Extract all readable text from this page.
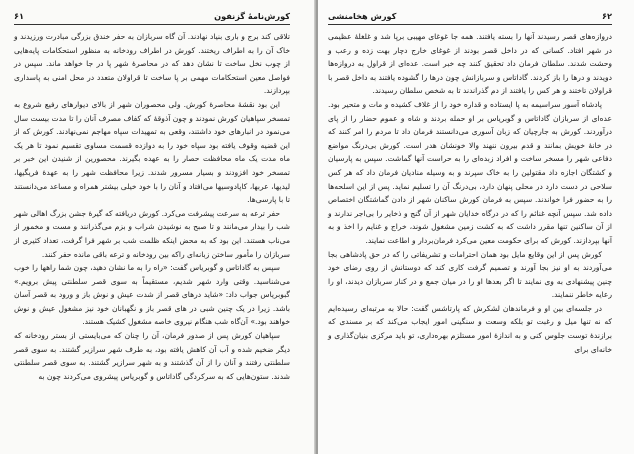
کورش‌نامهٔ گزنفون
۶۱

تلاقی کند برج و باری بنیاد نهادند. آن گاه سربازان به حفر خندق بزرگی مبادرت ورزیدند و خاک آن را به اطراف ریختند. کورش در اطراف رودخانه به منظور استحکامات پایه‌هایی از چوب نخل ساخت تا نشان دهد که در محاصرهٔ شهر پا در جا خواهد ماند. سپس در فواصل معین استحکامات مهمی بر پا ساخت تا قراولان متعدد در محل امنی به پاسداری بپردازند.

این بود نقشهٔ محاصرهٔ کورش. ولی محصوران شهر از بالای دیوارهای رفیع شروع به تمسخر سپاهیان کورش نمودند و چون آذوقهٔ که کفاف مصرف آنان را تا مدت بیست سال می‌نمود در انبارهای خود داشتند، وقعی به تمهیدات سپاه مهاجم نمی‌نهادند. کورش که از این قضیه وقوف یافته بود سپاه خود را به دوازده قسمت مساوی تقسیم نمود تا هر یک ماه مدت یک ماه محافظت حصار را به عهده بگیرند. محصورین از شنیدن این خبر بر تمسخر خود افزودند و بسیار مسرور شدند. زیرا محافظت شهر را به عهدهٔ فریگیها، لیدیها، عربها، کاپادوسیها می‌افتاد و آنان را با خود خیلی بیشتر همراه و مساعد می‌دانستند تا با پارسی‌ها.

حفر ترعه به سرعت پیشرفت می‌کرد. کورش دریافته که گیرهٔ جشن بزرگ اهالی شهر شب را بیدار می‌مانند و تا صبح به نوشیدن شراب و بزم می‌گذرانند و مست و مخمور از می‌ناب هستند. این بود که به محض اینکه ظلمت شب بر شهر فرا گرفت، تعداد کثیری از سربازان را مأمور ساختن زبانه‌ای راکه بین رودخانه و ترعه باقی مانده حفر کنند.

سپس به گاداتاس و گوبریاس گفت: «راه را به ما نشان دهید، چون شما راهها را خوب می‌شناسید. وقتی وارد شهر شدیم، مستقیماً به سوی قصر سلطنتی پیش برویم.» گبوبریاس جواب داد: «شاید درهای قصر از شدت عیش و نوش باز و ورود به قصر آسان باشد. زیرا در یک چنین شبی در های قصر باز و نگهبانان خود نیز مشغول عیش و نوش خواهند بود.» آن‌گاه شب هنگام نیروی خاصه مشغول کشیک هستند.

سپاهیان کورش پس از صدور فرمان، آن را چنان که می‌بایستی از بستر رودخانه که دیگر ضخیم شده و آب آن کاهش یافته بود، به طرف شهر سرازیر گشتند. به سوی قصر سلطنتی رفتند و آنان را از آن گذشتند و به شهر سرازیر گشتند. به سوی قصر سلطنتی شدند. ستون‌هایی که به سرکردگی گاداتاس و گوبریاس پیشروی می‌کردند چون به

۶۲
کورش هخامنشی

دروازه‌های قصر رسیدند آنها را بسته یافتند. همه جا غوغای مهیبی برپا شد و غلغلهٔ عظیمی در شهر افتاد. کسانی که در داخل قصر بودند از غوغای خارج دچار بهت زده و رعب و وحشت شدند. سلطان فرمان داد تحقیق کنند چه خبر است. عده‌ای از قراول به دروازه‌ها دویدند و درها را باز کردند. گاداتاس و سربازانش چون درها را گشوده یافتند به داخل قصر با قراولان تاختند و هر کس را یافتند از دم گذراندند تا به شخص سلطان رسیدند.

پادشاه آسور سراسیمه به پا ایستاده و قداره خود را از غلاف کشیده و مات و متحیر بود. عده‌ای از سربازان گاداتاس و گوبریاس بر او حمله بردند و شاه و عموم حضار را از پای درآوردند. کورش به جارچیان که زبان آسوری می‌دانستند فرمان داد تا مردم را امر کنند که در خانهٔ خویش بمانند و قدم بیرون ننهند والا خونشان هدر است. کورش بی‌درنگ مواضع دفاعی شهر را مسخر ساخت و افراد زبده‌ای را به حراست آنها گماشت. سپس به پارسیان و کشتگان اجازه داد مقتولین را به خاک سپرند و به وسیله منادیان فرمان داد که هر کس سلاحی در دست دارد در محلی پنهان دارد، بی‌درنگ آن را تسلیم نماید. پس از این اسلحه‌ها را به حضور فرا خواندند. سپس به فرمان کورش ساکنان شهر از دادن گماشتگان اختصاص داده شد. سپس آنچه غنائم را که در درگاه خدایان شهر از آن گنج و ذخایر را بی‌اجر ندارند و از آن ساکنین تنها مقرر داشت که به کشت زمین مشغول شوند، خراج و غنایم را اخذ و به آنها بپردازند. کورش که برای حکومت معین می‌کرد فرمان‌بردار و اطاعت نمایند.

کورش پس از این وقایع مایل بود همان احترامات و تشریفاتی را که در حق پادشاهی بجا می‌آوردند به او نیز بجا آورند و تصمیم گرفت کاری کند که دوستانش از روی رضای خود چنین پیشنهادی به وی نمایند تا اگر بعدها او را در میان جمع و در کنار سربازان دیدند، او را رعایه خاطر ننمایند.

در جلسه‌ای بین او و فرماندهان لشکرش که پارتاشس گفت: حالا به مرتبه‌ای رسیده‌ایم که نه تنها میل و رغبت تو بلکه وسعت و سنگینی امور ایجاب می‌کند که بر مسندی که برازندهٔ توست جلوس کنی و به اندازهٔ امور مستلزم بهره‌داری، تو باید مرکزی بنیان‌گذاری و خانه‌ای برای
